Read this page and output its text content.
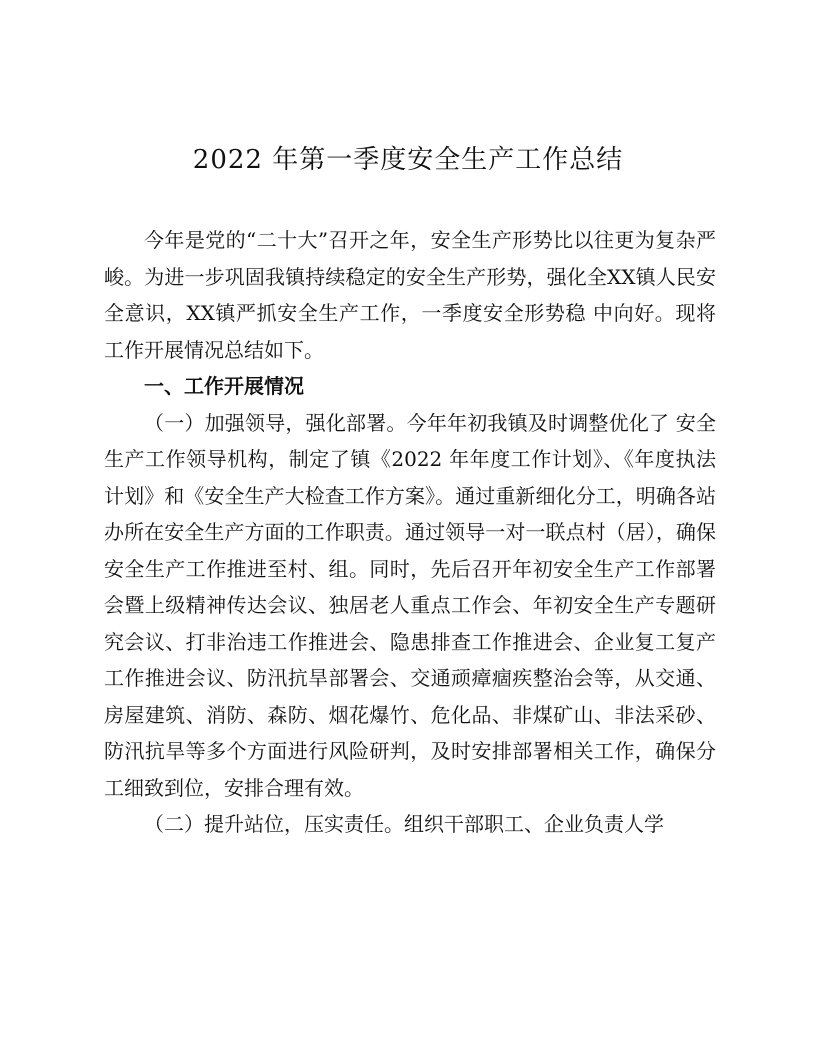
2022 年第一季度安全生产工作总结

今年是党的“二十大”召开之年，安全生产形势比以往更为复杂严峻。为进一步巩固我镇持续稳定的安全生产形势，强化全XX镇人民安全意识，XX镇严抓安全生产工作，一季度安全形势稳 中向好。现将工作开展情况总结如下。

一、工作开展情况

（一）加强领导，强化部署。今年年初我镇及时调整优化了 安全生产工作领导机构，制定了镇《2022 年年度工作计划》、《年度执法计划》和《安全生产大检查工作方案》。通过重新细化分工，明确各站办所在安全生产方面的工作职责。通过领导一对一联点村（居），确保安全生产工作推进至村、组。同时，先后召开年初安全生产工作部署会暨上级精神传达会议、独居老人重点工作会、年初安全生产专题研究会议、打非治违工作推进会、隐患排查工作推进会、企业复工复产工作推进会议、防汛抗旱部署会、交通顽瘴痼疾整治会等，从交通、房屋建筑、消防、森防、烟花爆竹、危化品、非煤矿山、非法采砂、防汛抗旱等多个方面进行风险研判，及时安排部署相关工作，确保分工细致到位，安排合理有效。

（二）提升站位，压实责任。组织干部职工、企业负责人学
